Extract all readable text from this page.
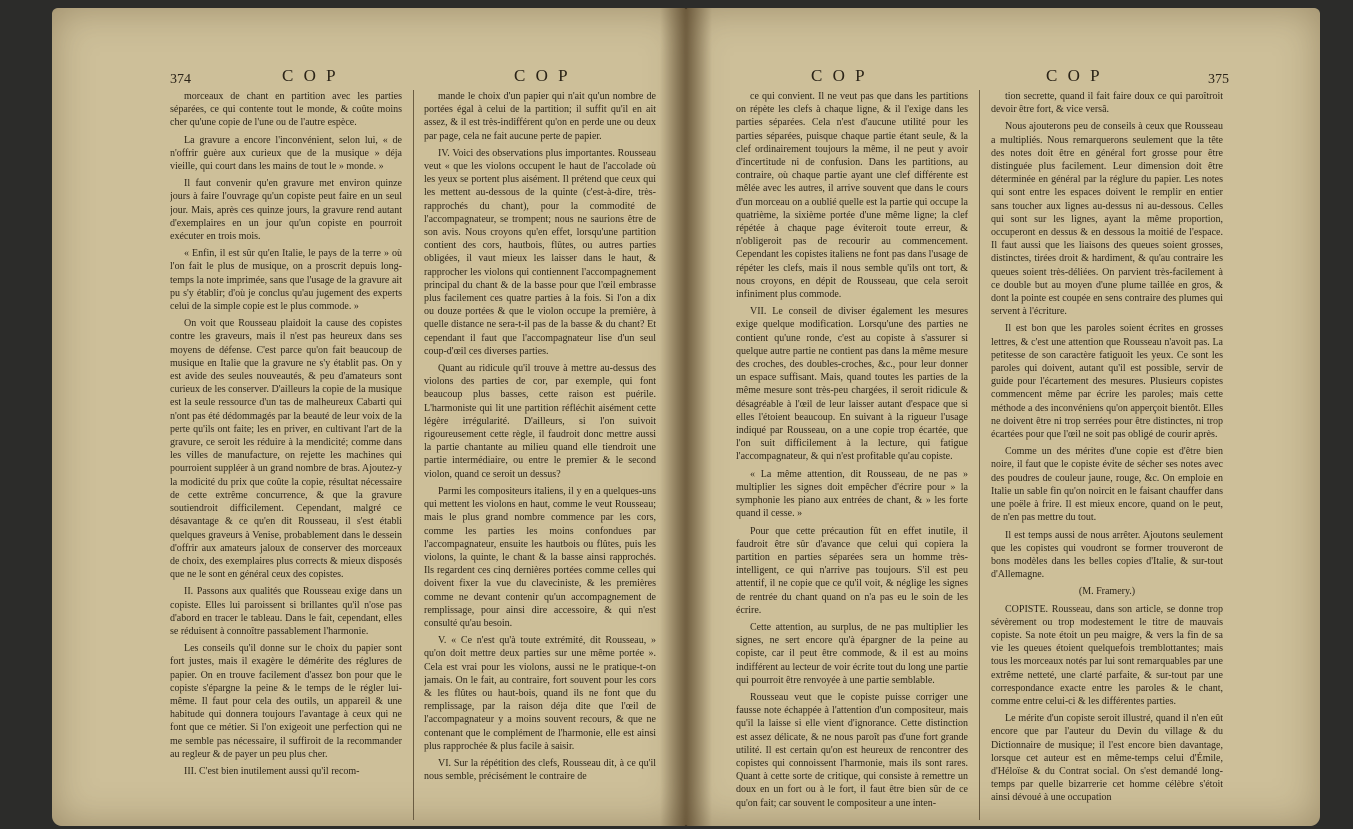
374	C O P	C O P

morceaux de chant en partition avec les parties séparées, ce qui contente tout le monde, & coûte moins cher qu'une copie de l'une ou de l'autre espèce.

La gravure a encore l'inconvénient, selon lui, « de n'offrir guère aux curieux que de la musique » déja vieille, qui court dans les mains de tout le » monde. »

Il faut convenir qu'en gravure met environ quinze jours à faire l'ouvrage qu'un copiste peut faire en un seul jour. Mais, après ces quinze jours, la gravure rend autant d'exemplaires en un jour qu'un copiste en pourroit exécuter en trois mois.

« Enfin, il est sûr qu'en Italie, le pays de la terre » où l'on fait le plus de musique, on a proscrit depuis long-temps la note imprimée, sans que l'usage de la gravure ait pu s'y établir; d'où je conclus qu'au jugement des experts celui de la simple copie est le plus commode. »

On voit que Rousseau plaidoit la cause des copistes contre les graveurs, mais il n'est pas heureux dans ses moyens de défense. C'est parce qu'on fait beaucoup de musique en Italie que la gravure ne s'y établit pas. On y est avide des seules nouveautés, & peu d'amateurs sont curieux de les conserver. D'ailleurs la copie de la musique est la seule ressource d'un tas de malheureux Cabarti qui n'ont pas été dédommagés par la beauté de leur voix de la perte qu'ils ont faite; les en priver, en cultivant l'art de la gravure, ce seroit les réduire à la mendicité; comme dans les villes de manufacture, on rejette les machines qui pourroient suppléer à un grand nombre de bras. Ajoutez-y la modicité du prix que coûte la copie, résultat nécessaire de cette extrême concurrence, & que la gravure soutiendroit difficilement. Cependant, malgré ce désavantage & ce qu'en dit Rousseau, il s'est établi quelques graveurs à Venise, probablement dans le dessein d'offrir aux amateurs jaloux de conserver des morceaux de choix, des exemplaires plus corrects & mieux disposés que ne le sont en général ceux des copistes.

II. Passons aux qualités que Rousseau exige dans un copiste. Elles lui paroissent si brillantes qu'il n'ose pas d'abord en tracer le tableau. Dans le fait, cependant, elles se réduisent à connoître passablement l'harmonie.

Les conseils qu'il donne sur le choix du papier sont fort justes, mais il exagère le démérite des réglures de papier. On en trouve facilement d'assez bon pour que le copiste s'épargne la peine & le temps de le régler lui-même. Il faut pour cela des outils, un appareil & une habitude qui donnera toujours l'avantage à ceux qui ne font que ce métier. Si l'on exigeoit une perfection qui ne me semble pas nécessaire, il suffiroit de la recommander au regleur & de payer un peu plus cher.

III. C'est bien inutilement aussi qu'il recom-

mande le choix d'un papier qui n'ait qu'un nombre de portées égal à celui de la partition; il suffit qu'il en ait assez, & il est très-indifférent qu'on en perde une ou deux par page, cela ne fait aucune perte de papier.

IV. Voici des observations plus importantes. Rousseau veut « que les violons occupent le haut de l'accolade où les yeux se portent plus aisément. Il prétend que ceux qui les mettent au-dessous de la quinte (c'est-à-dire, très-rapprochés du chant), pour la commodité de l'accompagnateur, se trompent; nous ne saurions être de son avis. Nous croyons qu'en effet, lorsqu'une partition contient des cors, hautbois, flûtes, ou autres parties obligées, il vaut mieux les laisser dans le haut, & rapprocher les violons qui contiennent l'accompagnement principal du chant & de la basse pour que l'œil embrasse plus facilement ces quatre parties à la fois. Si l'on a dix ou douze portées & que le violon occupe la première, à quelle distance ne sera-t-il pas de la basse & du chant? Et cependant il faut que l'accompagnateur lise d'un seul coup-d'œil ces diverses parties.

Quant au ridicule qu'il trouve à mettre au-dessus des violons des parties de cor, par exemple, qui font beaucoup plus basses, cette raison est puérile. L'harmoniste qui lit une partition réfléchit aisément cette légère irrégularité. D'ailleurs, si l'on suivoit rigoureusement cette règle, il faudroit donc mettre aussi la partie chantante au milieu quand elle tiendroit une partie intermédiaire, ou entre le premier & le second violon, quand ce seroit un dessus?

Parmi les compositeurs italiens, il y en a quelques-uns qui mettent les violons en haut, comme le veut Rousseau; mais le plus grand nombre commence par les cors, comme les parties les moins confondues par l'accompagnateur, ensuite les hautbois ou flûtes, puis les violons, la quinte, le chant & la basse ainsi rapprochés. Ils regardent ces cinq dernières portées comme celles qui doivent fixer la vue du claveciniste, & les premières comme ne devant contenir qu'un accompagnement de remplissage, pour ainsi dire accessoire, & qui n'est consulté qu'au besoin.

V. « Ce n'est qu'à toute extrémité, dit Rousseau, » qu'on doit mettre deux parties sur une même portée ». Cela est vrai pour les violons, aussi ne le pratique-t-on jamais. On le fait, au contraire, fort souvent pour les cors & les flûtes ou haut-bois, quand ils ne font que du remplissage, par la raison déja dite que l'œil de l'accompagnateur y a moins souvent recours, & que ne contenant que le complément de l'harmonie, elle est ainsi plus rapprochée & plus facile à saisir.

VI. Sur la répétition des clefs, Rousseau dit, à ce qu'il nous semble, précisément le contraire de

C O P	C O P	375

ce qui convient. Il ne veut pas que dans les partitions on répète les clefs à chaque ligne, & il l'exige dans les parties séparées. Cela n'est d'aucune utilité pour les parties séparées, puisque chaque partie étant seule, & la clef ordinairement toujours la même, il ne peut y avoir d'incertitude ni de confusion. Dans les partitions, au contraire, où chaque partie ayant une clef différente est mêlée avec les autres, il arrive souvent que dans le cours d'un morceau on a oublié quelle est la partie qui occupe la quatrième, la sixième portée d'une même ligne; la clef répétée à chaque page éviteroit toute erreur, & n'obligeroit pas de recourir au commencement. Cependant les copistes italiens ne font pas dans l'usage de répéter les clefs, mais il nous semble qu'ils ont tort, & nous croyons, en dépit de Rousseau, que cela seroit infiniment plus commode.

VII. Le conseil de diviser également les mesures exige quelque modification. Lorsqu'une des parties ne contient qu'une ronde, c'est au copiste à s'assurer si quelque autre partie ne contient pas dans la même mesure des croches, des doubles-croches, &c., pour leur donner un espace suffisant. Mais, quand toutes les parties de la même mesure sont très-peu chargées, il seroit ridicule & désagréable à l'œil de leur laisser autant d'espace que si elles l'étoient beaucoup. En suivant à la rigueur l'usage indiqué par Rousseau, on a une copie trop écartée, que l'on suit difficilement à la lecture, qui fatigue l'accompagnateur, & qui n'est profitable qu'au copiste.

« La même attention, dit Rousseau, de ne pas » multiplier les signes doit empêcher d'écrire pour » la symphonie les piano aux entrées de chant, & » les forte quand il cesse. »

Pour que cette précaution fût en effet inutile, il faudroit être sûr d'avance que celui qui copiera la partition en parties séparées sera un homme très-intelligent, ce qui n'arrive pas toujours. S'il est peu attentif, il ne copie que ce qu'il voit, & néglige les signes de rentrée du chant quand on n'a pas eu le soin de les écrire.

Cette attention, au surplus, de ne pas multiplier les signes, ne sert encore qu'à épargner de la peine au copiste, car il peut être commode, & il est au moins indifférent au lecteur de voir écrite tout du long une partie qui pourroit être renvoyée à une partie semblable.

Rousseau veut que le copiste puisse corriger une fausse note échappée à l'attention d'un compositeur, mais qu'il la laisse si elle vient d'ignorance. Cette distinction est assez délicate, & ne nous paroît pas d'une fort grande utilité. Il est certain qu'on est heureux de rencontrer des copistes qui connoissent l'harmonie, mais ils sont rares. Quant à cette sorte de critique, qui consiste à remettre un doux en un fort ou à le fort, il faut être bien sûr de ce qu'on fait; car souvent le compositeur a une inten-

tion secrette, quand il fait faire doux ce qui paroîtroit devoir être fort, & vice versâ.

Nous ajouterons peu de conseils à ceux que Rousseau a multipliés. Nous remarquerons seulement que la tête des notes doit être en général fort grosse pour être distinguée plus facilement. Leur dimension doit être déterminée en général par la réglure du papier. Les notes qui sont entre les espaces doivent le remplir en entier sans toucher aux lignes au-dessus ni au-dessous. Celles qui sont sur les lignes, ayant la même proportion, occuperont en dessus & en dessous la moitié de l'espace. Il faut aussi que les liaisons des queues soient grosses, distinctes, tirées droit & hardiment, & qu'au contraire les queues soient très-déliées. On parvient très-facilement à ce double but au moyen d'une plume taillée en gros, & dont la pointe est coupée en sens contraire des plumes qui servent à l'écriture.

Il est bon que les paroles soient écrites en grosses lettres, & c'est une attention que Rousseau n'avoit pas. La petitesse de son caractère fatiguoit les yeux. Ce sont les paroles qui doivent, autant qu'il est possible, servir de guide pour l'écartement des mesures. Plusieurs copistes commencent même par écrire les paroles; mais cette méthode a des inconvéniens qu'on apperçoit bientôt. Elles ne doivent être ni trop serrées pour être distinctes, ni trop écartées pour que l'œil ne soit pas obligé de courir après.

Comme un des mérites d'une copie est d'être bien noire, il faut que le copiste évite de sécher ses notes avec des poudres de couleur jaune, rouge, &c. On emploie en Italie un sable fin qu'on noircit en le faisant chauffer dans une poële à frire. Il est mieux encore, quand on le peut, de n'en pas mettre du tout.

Il est temps aussi de nous arrêter. Ajoutons seulement que les copistes qui voudront se former trouveront de bons modèles dans les belles copies d'Italie, & sur-tout d'Allemagne.

(M. Framery.)

COPISTE. Rousseau, dans son article, se donne trop sévèrement ou trop modestement le titre de mauvais copiste. Sa note étoit un peu maigre, & vers la fin de sa vie les queues étoient quelquefois tremblottantes; mais tous les morceaux notés par lui sont remarquables par une extrême netteté, une clarté parfaite, & sur-tout par une correspondance exacte entre les paroles & le chant, comme entre celui-ci & les différentes parties.

Le mérite d'un copiste seroit illustré, quand il n'en eût encore que par l'auteur du Devin du village & du Dictionnaire de musique; il l'est encore bien davantage, lorsque cet auteur est en même-temps celui d'Émile, d'Héloïse & du Contrat social. On s'est demandé long-temps par quelle bizarrerie cet homme célèbre s'étoit ainsi dévoué à une occupation
